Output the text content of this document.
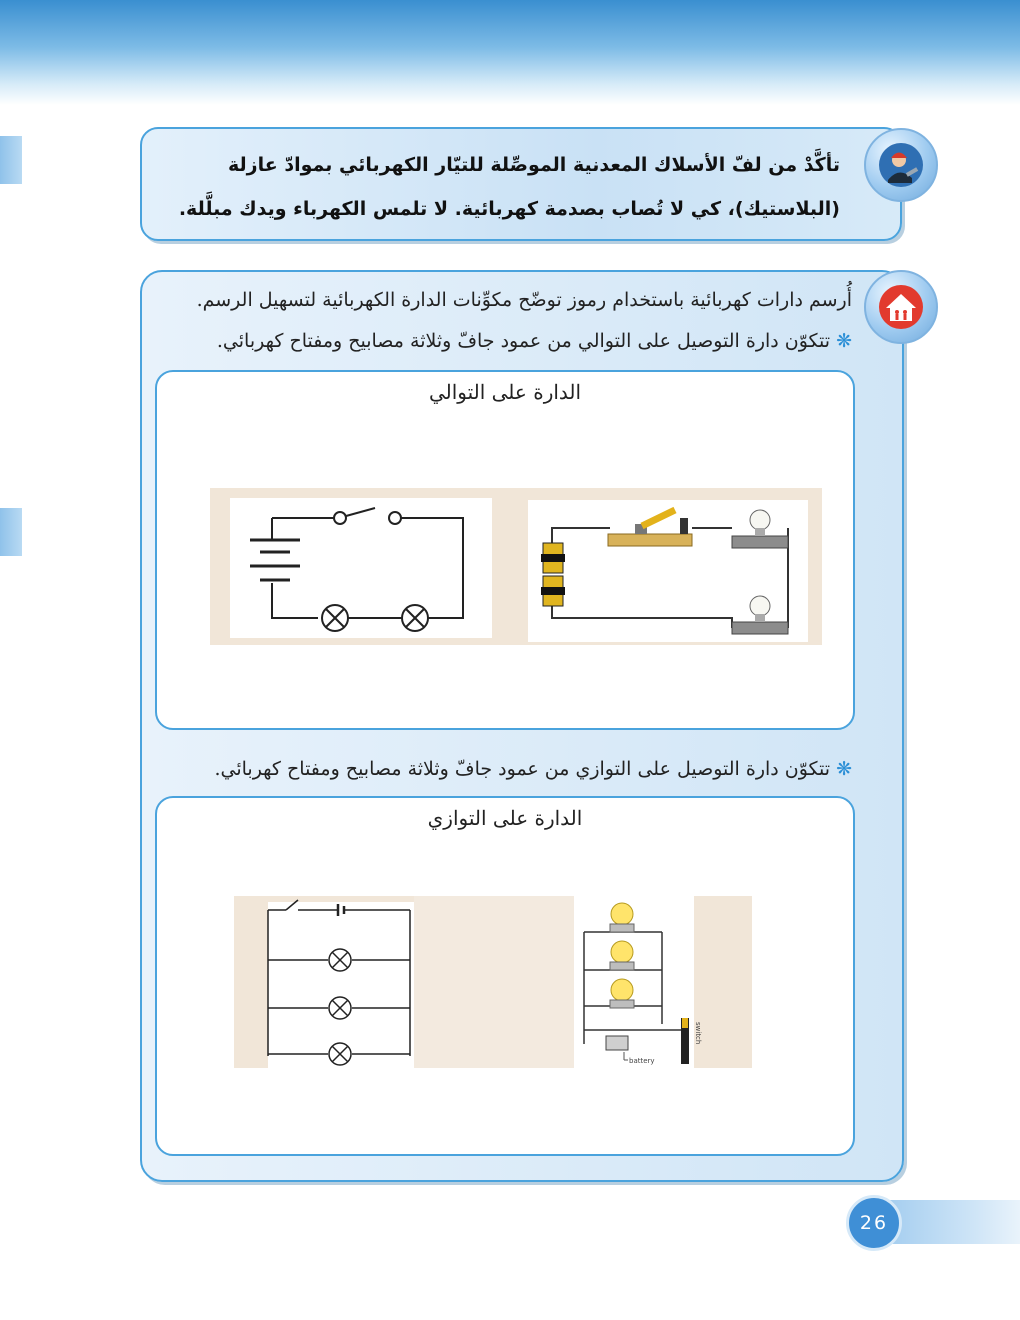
تأكَّدْ من لفّ الأسلاك المعدنية الموصِّلة للتيّار الكهربائي بموادّ عازلة
(البلاستيك)، كي لا تُصاب بصدمة كهربائية. لا تلمس الكهرباء ويدك مبلَّلة.
أُرسم دارات كهربائية باستخدام رموز توضّح مكوِّنات الدارة الكهربائية لتسهيل الرسم.
❋تتكوّن دارة التوصيل على التوالي من عمود جافّ وثلاثة مصابيح ومفتاح كهربائي.
الدارة على التوالي
❋تتكوّن دارة التوصيل على التوازي من عمود جافّ وثلاثة مصابيح ومفتاح كهربائي.
الدارة على التوازي
battery
switch
26
